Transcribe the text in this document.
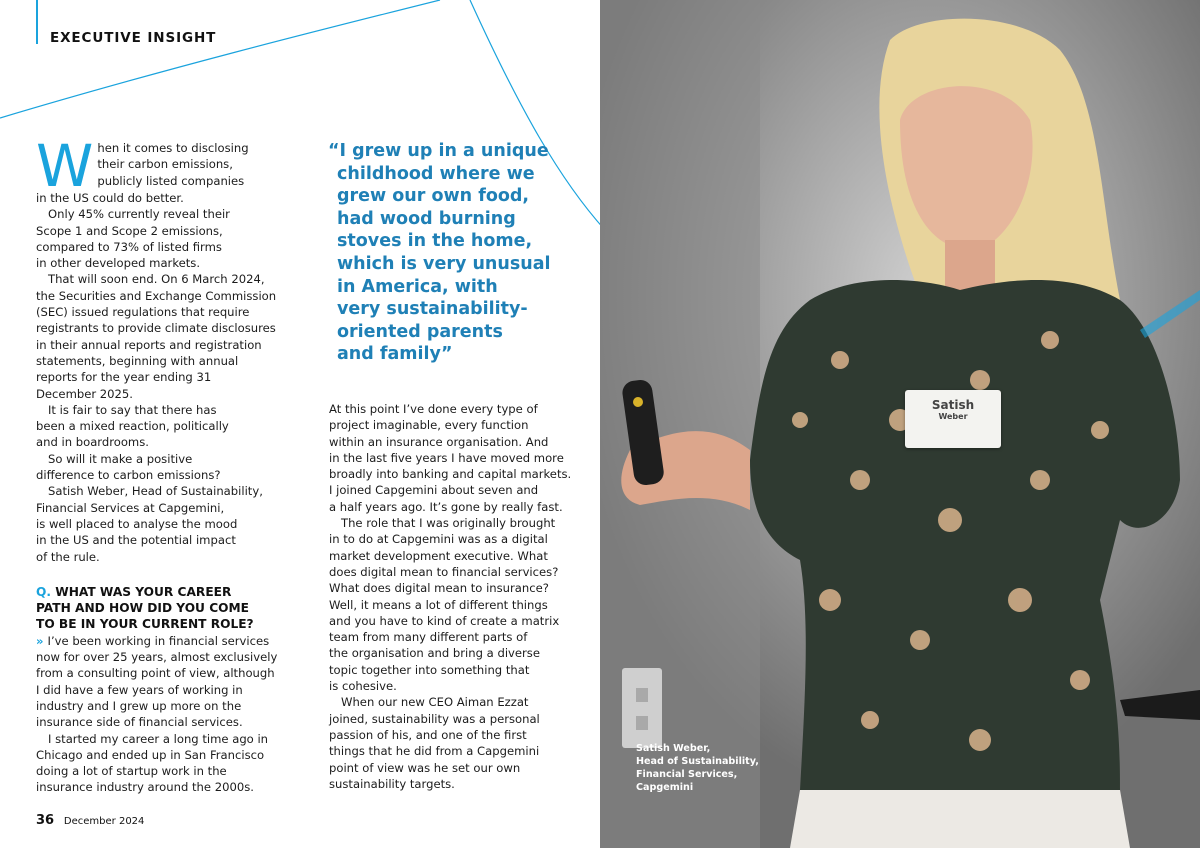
EXECUTIVE INSIGHT
W hen it comes to disclosing
their carbon emissions,
publicly listed companies

in the US could do better.

Only 45% currently reveal their
Scope 1 and Scope 2 emissions,
compared to 73% of listed firms
in other developed markets.

That will soon end. On 6 March 2024,
the Securities and Exchange Commission
(SEC) issued regulations that require
registrants to provide climate disclosures
in their annual reports and registration
statements, beginning with annual
reports for the year ending 31
December 2025.

It is fair to say that there has
been a mixed reaction, politically
and in boardrooms.

So will it make a positive
difference to carbon emissions?

Satish Weber, Head of Sustainability,
Financial Services at Capgemini,
is well placed to analyse the mood
in the US and the potential impact
of the rule.

Q. WHAT WAS YOUR CAREER
PATH AND HOW DID YOU COME
TO BE IN YOUR CURRENT ROLE?

» I’ve been working in financial services
now for over 25 years, almost exclusively
from a consulting point of view, although
I did have a few years of working in
industry and I grew up more on the
insurance side of financial services.

I started my career a long time ago in
Chicago and ended up in San Francisco
doing a lot of startup work in the
insurance industry around the 2000s.

“I grew up in a unique
childhood where we
grew our own food,
had wood burning
stoves in the home,
which is very unusual
in America, with
very sustainability-
oriented parents
and family”

At this point I’ve done every type of
project imaginable, every function
within an insurance organisation. And
in the last five years I have moved more
broadly into banking and capital markets.
I joined Capgemini about seven and
a half years ago. It’s gone by really fast.

The role that I was originally brought
in to do at Capgemini was as a digital
market development executive. What
does digital mean to financial services?
What does digital mean to insurance?
Well, it means a lot of different things
and you have to kind of create a matrix
team from many different parts of
the organisation and bring a diverse
topic together into something that
is cohesive.

When our new CEO Aiman Ezzat
joined, sustainability was a personal
passion of his, and one of the first
things that he did from a Capgemini
point of view was he set our own
sustainability targets.

36 December 2024
Satish
Weber
Satish Weber,
Head of Sustainability,
Financial Services,
Capgemini
